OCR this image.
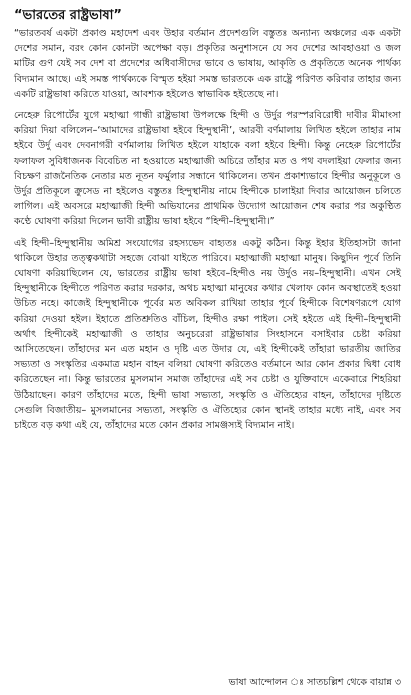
“ভারতের রাষ্ট্রভাষা”

“ভারতবর্ষ একটা প্রকাণ্ড মহাদেশ এবং উহার বর্তমান প্রদেশগুলি বস্তুতঃ অন্যান্য অঞ্চলের এক একটা দেশের সমান, বরং কোন কোনটা অপেক্ষা বড়। প্রকৃতির অনুশাসনে যে সব দেশের আবহাওয়া ও জল মাটির গুণ যেই সব দেশ বা প্রদেশের অধিবাসীদের ভাবে ও ভাষায়, আকৃতি ও প্রকৃতিতে অনেক পার্থক্য বিদ্যমান আছে। এই সমস্ত পার্থক্যকে বিস্মৃত হইয়া সমস্ত ভারতকে এক রাষ্ট্রে পরিণত করিবার তাহার জন্য একটি রাষ্ট্রভাষা করিতে যাওয়া, আবশ্যক হইলেও স্বাভাবিক হইতেছে না।

নেহেরু রিপোর্টের যুগে মহাত্মা গান্ধী রাষ্ট্রভাষা উপলক্ষে হিন্দী ও উর্দুর পরস্পরবিরোধী দাবীর মীমাংসা করিয়া দিয়া বলিলেন–‘আমাদের রাষ্ট্রভাষা হইবে হিন্দুস্থানী’, আরবী বর্ণমালায় লিখিত হইলে তাহার নাম হইবে উর্দু এবং দেবনাগরী বর্ণমালায় লিখিত হইলে যাহাকে বলা হইবে হিন্দী। কিন্তু নেহেরু রিপোর্টের ফলাফল সুবিধাজনক বিবেচিত না হওয়াতে মহাত্মাজী অচিরে তাঁহার মত ও পথ বদলাইয়া ফেলার জন্য বিচক্ষণ রাজনৈতিক নেতার মত নূতন ফর্মুলার সন্ধানে থাকিলেন। তখন প্রকাশ্যভাবে হিন্দীর অনুকূলে ও উর্দুর প্রতিকূলে ক্রুসেড না হইলেও বস্তুতঃ হিন্দুস্থানীয় নামে হিন্দীকে চালাইয়া দিবার আয়োজন চলিতে লাগিল। এই অবসরে মহাত্মাজী হিন্দী অভিযানের প্রাথমিক উদ্যোগ আয়োজন শেষ করার পর অকুণ্ঠিত কণ্ঠে ঘোষণা করিয়া দিলেন ভাবী রাষ্ট্রীয় ভাষা হইবে “হিন্দী–হিন্দুস্থানী।”

এই হিন্দী–হিন্দুস্থানীয় অমিশ্র সংযোগের রহস্যভেদ বাহ্যতঃ একটু কঠিন। কিন্তু ইহার ইতিহাসটা জানা থাকিলে উহার তত্ত্বকথাটা সহজে বোঝা যাইতে পারিবে। মহাত্মাজী মহাত্মা মানুষ। কিছুদিন পূর্বে তিনি ঘোষণা করিয়াছিলেন যে, ভারতের রাষ্ট্রীয় ভাষা হইবে–হিন্দীও নয় উর্দুও নয়–হিন্দুস্থানী। এখন সেই হিন্দুস্থানীকে হিন্দীতে পরিণত করার দরকার, অথচ মহাত্মা মানুষের কথার খেলাফ কোন অবস্থাতেই হওয়া উচিত নহে। কাজেই হিন্দুস্থানীকে পূর্বের মত অবিকল রাখিয়া তাহার পূর্বে হিন্দীকে বিশেষণরূপে যোগ করিয়া দেওয়া হইল। ইহাতে প্রতিশ্রুতিও বাঁচিল, হিন্দীও রক্ষা পাইল। সেই হইতে এই হিন্দী–হিন্দুস্থানী অর্থাৎ হিন্দীকেই মহাত্মাজী ও তাহার অনুচরেরা রাষ্ট্রভাষার সিংহাসনে বসাইবার চেষ্টা করিয়া আসিতেছেন। তাঁহাদের মন এত মহান ও দৃষ্টি এত উদার যে, এই হিন্দীকেই তাঁহারা ভারতীয় জাতির সভ্যতা ও সংস্কৃতির একমাত্র মহান বাহন বলিয়া ঘোষণা করিতেও বর্তমানে আর কোন প্রকার দ্বিধা বোধ করিতেছেন না। কিন্তু ভারতের মুসলমান সমাজ তাঁহাদের এই সব চেষ্টা ও যুক্তিবাদে একেবারে শিহরিয়া উঠিয়াছেন। কারণ তাঁহাদের মতে, হিন্দী ভাষা সভ্যতা, সংস্কৃতি ও ঐতিহ্যের বাহন, তাঁহাদের দৃষ্টিতে সেগুলি বিজাতীয়– মুসলমানের সভ্যতা, সংস্কৃতি ও ঐতিহ্যের কোন স্থানই তাহার মধ্যে নাই, এবং সব চাইতে বড় কথা এই যে, তাঁহাদের মতে কোন প্রকার সামঞ্জস্যই বিদ্যমান নাই।

ভাষা আন্দোলন ঃ সাতচল্লিশ থেকে বায়ান্ন ৩
